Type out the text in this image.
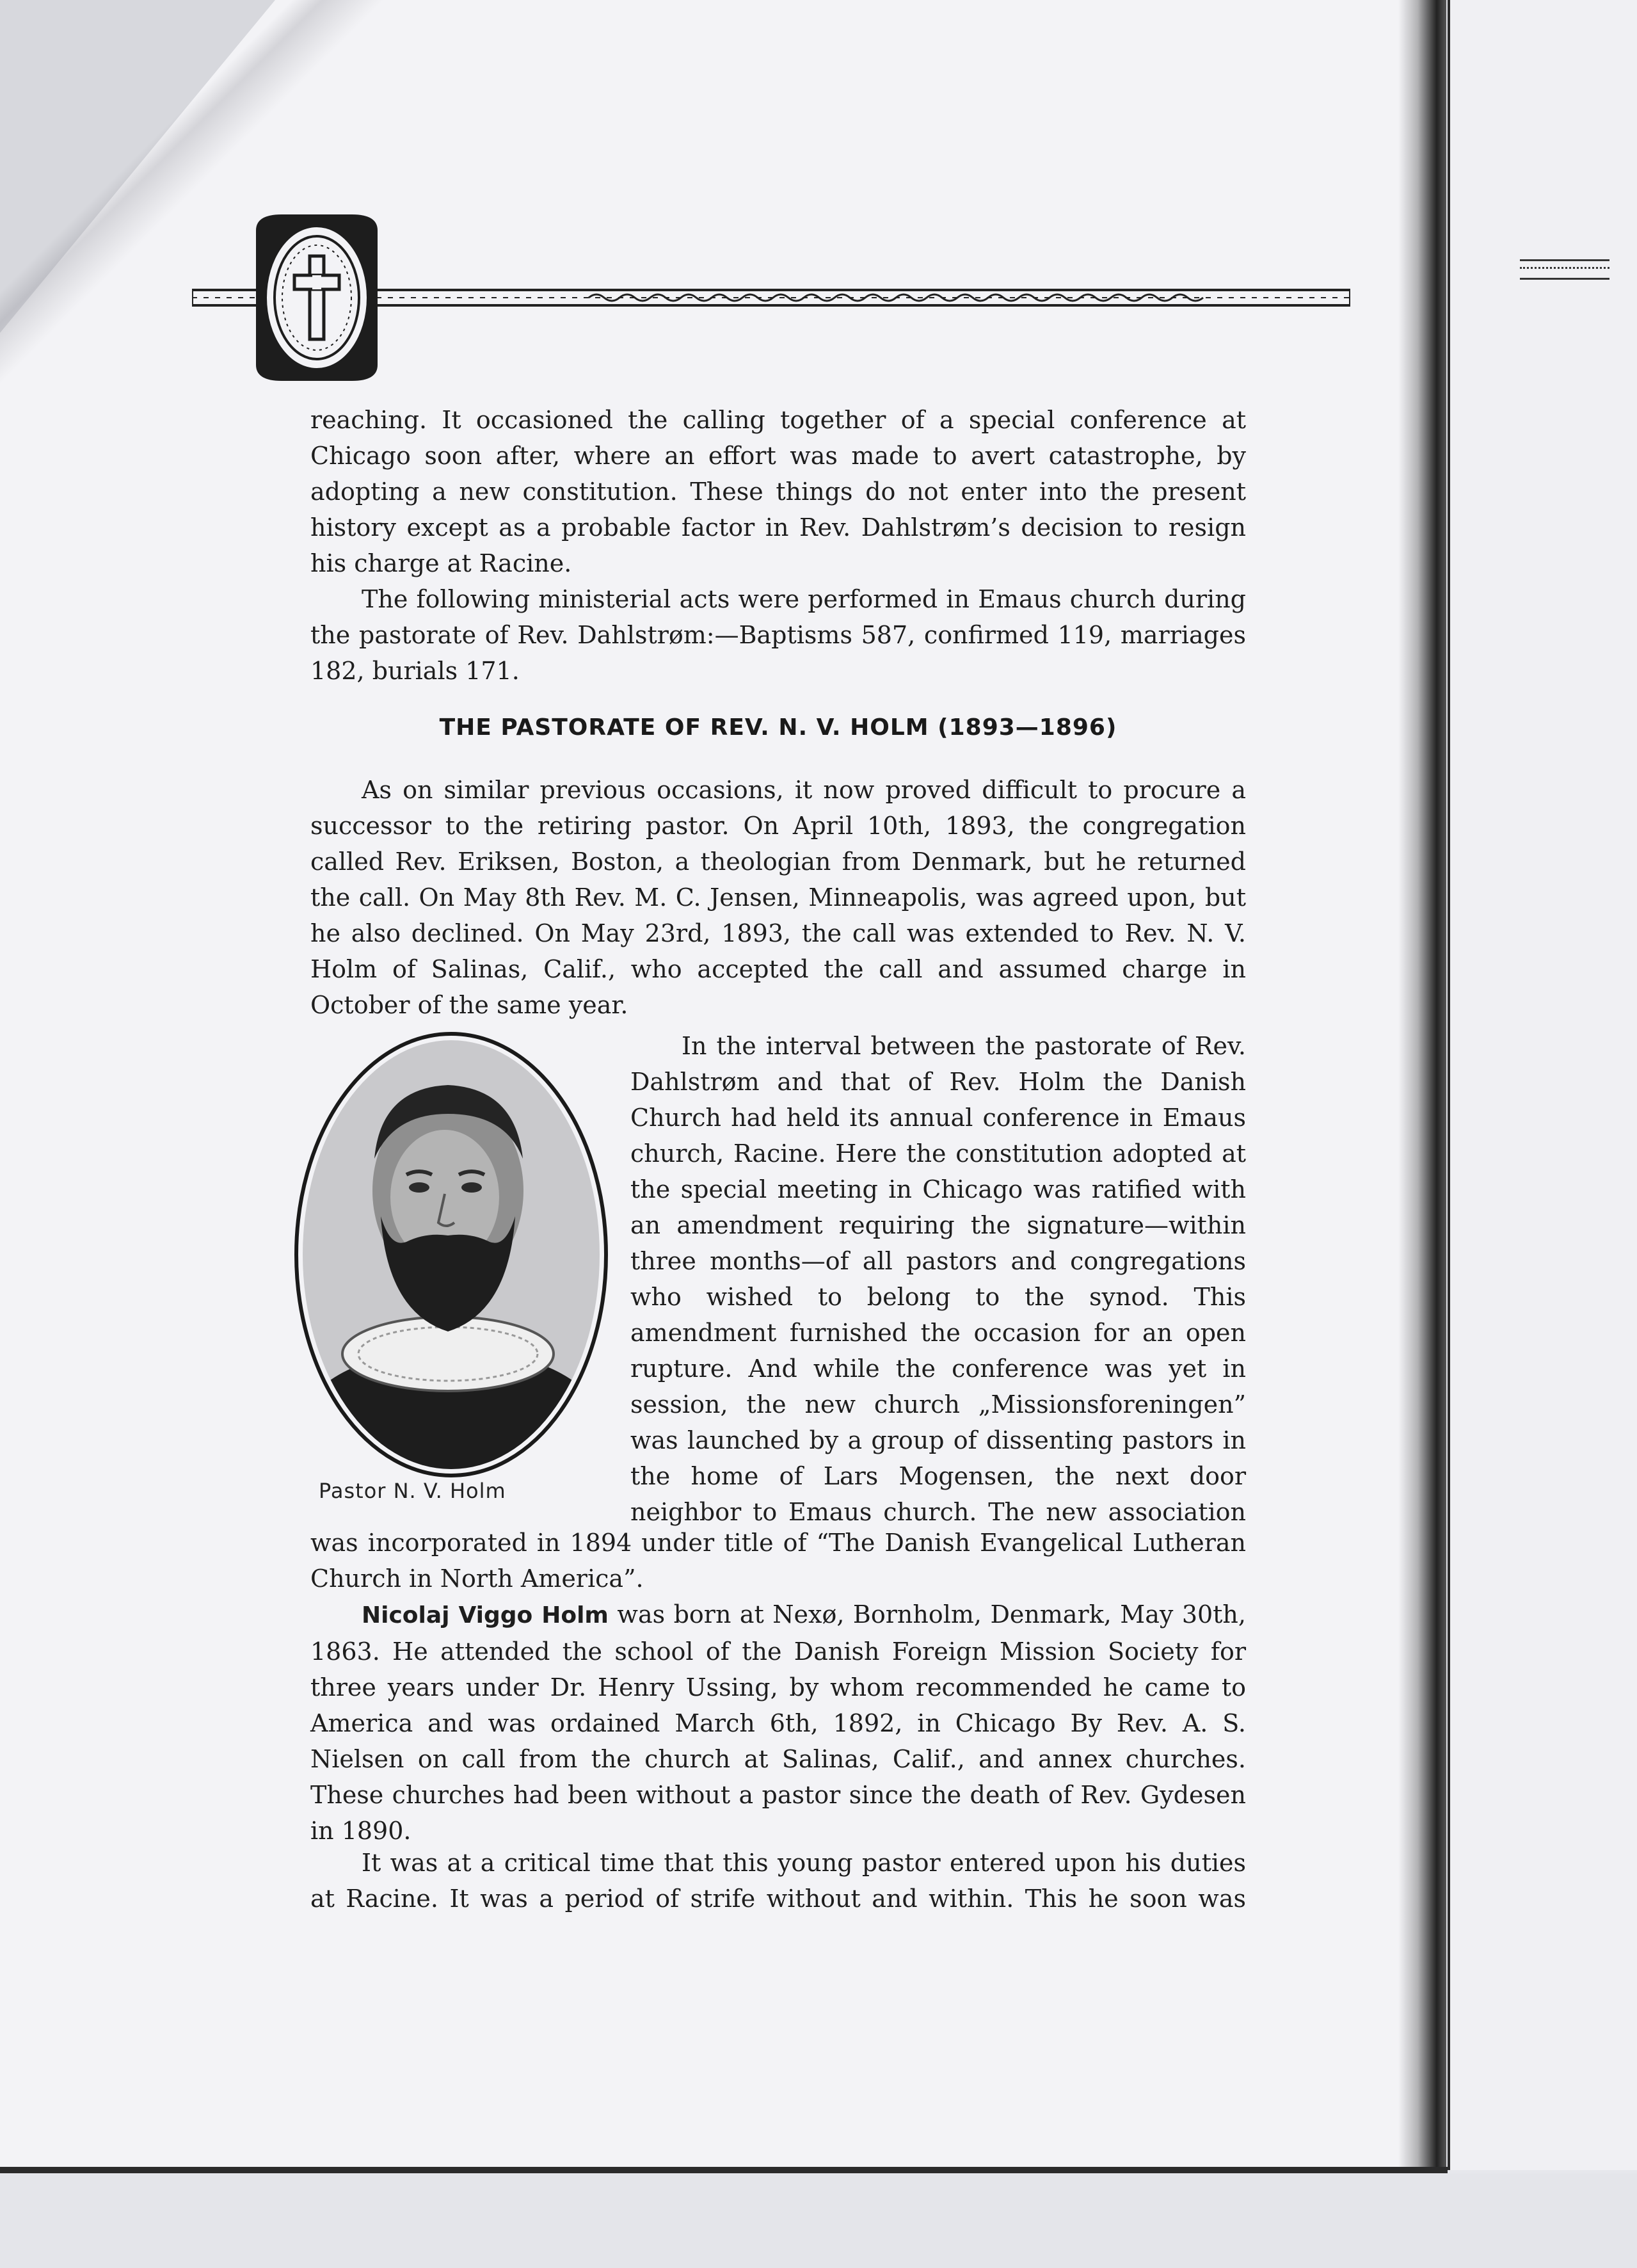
reaching. It occasioned the calling together of a special conference at Chicago soon after, where an effort was made to avert catastrophe, by adopting a new constitution. These things do not enter into the present history except as a probable factor in Rev. Dahlstrøm’s decision to resign his charge at Racine.

The following ministerial acts were performed in Emaus church during the pastorate of Rev. Dahlstrøm:—Baptisms 587, confirmed 119, marriages 182, burials 171.

THE PASTORATE OF REV. N. V. HOLM (1893—1896)

As on similar previous occasions, it now proved difficult to procure a successor to the retiring pastor. On April 10th, 1893, the congregation called Rev. Eriksen, Boston, a theologian from Denmark, but he returned the call. On May 8th Rev. M. C. Jensen, Minneapolis, was agreed upon, but he also declined. On May 23rd, 1893, the call was extended to Rev. N. V. Holm of Salinas, Calif., who accepted the call and assumed charge in October of the same year.

Pastor N. V. Holm

In the interval between the pastorate of Rev. Dahlstrøm and that of Rev. Holm the Danish Church had held its annual conference in Emaus church, Racine. Here the constitution adopted at the special meeting in Chicago was ratified with an amendment requiring the signature—within three months—of all pastors and congregations who wished to belong to the synod. This amendment furnished the occasion for an open rupture. And while the conference was yet in session, the new church „Missionsforeningen” was launched by a group of dissenting pastors in the home of Lars Mogensen, the next door neighbor to Emaus church. The new association

was incorporated in 1894 under title of “The Danish Evangelical Lutheran Church in North America”.

Nicolaj Viggo Holm was born at Nexø, Bornholm, Denmark, May 30th, 1863. He attended the school of the Danish Foreign Mission Society for three years under Dr. Henry Ussing, by whom recommended he came to America and was ordained March 6th, 1892, in Chicago By Rev. A. S. Nielsen on call from the church at Salinas, Calif., and annex churches. These churches had been without a pastor since the death of Rev. Gydesen in 1890.

It was at a critical time that this young pastor entered upon his duties at Racine. It was a period of strife without and within. This he soon was
